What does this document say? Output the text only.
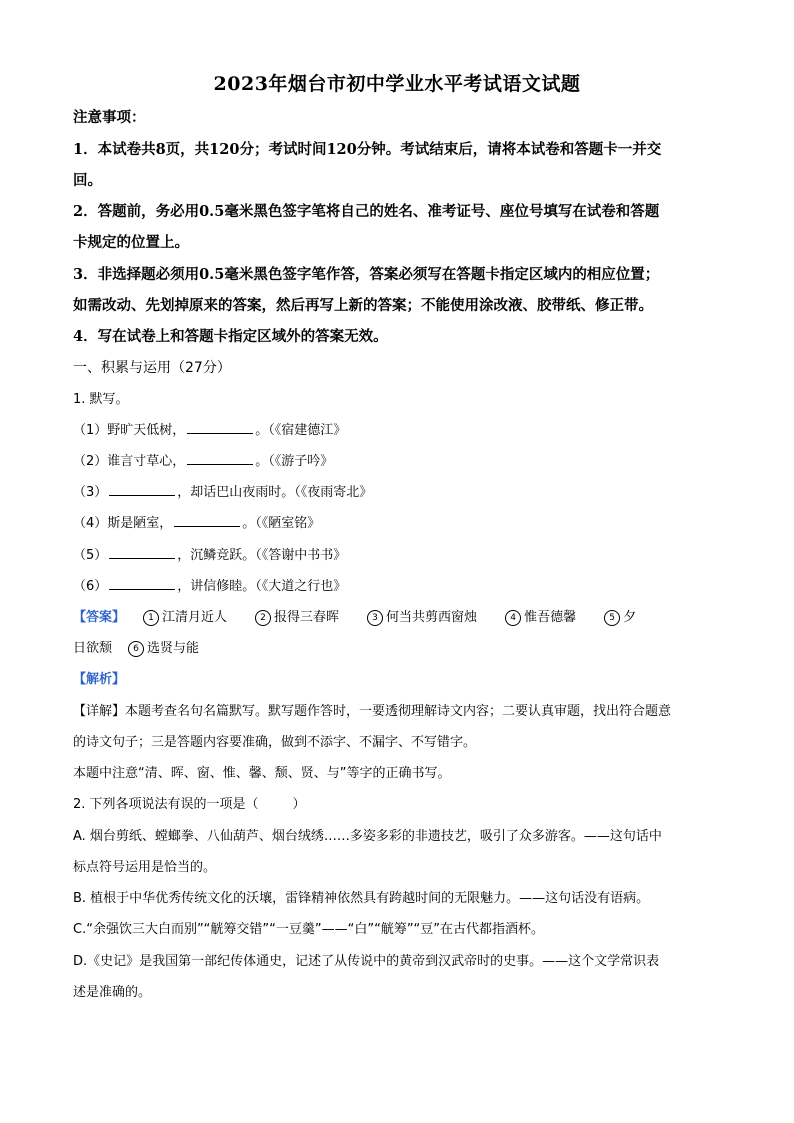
2023年烟台市初中学业水平考试语文试题
注意事项：
1．本试卷共8页，共120分；考试时间120分钟。考试结束后，请将本试卷和答题卡一并交
回。
2．答题前，务必用0.5毫米黑色签字笔将自己的姓名、准考证号、座位号填写在试卷和答题
卡规定的位置上。
3．非选择题必须用0.5毫米黑色签字笔作答，答案必须写在答题卡指定区域内的相应位置；
如需改动、先划掉原来的答案，然后再写上新的答案；不能使用涂改液、胶带纸、修正带。
4．写在试卷上和答题卡指定区域外的答案无效。
一、积累与运用（27分）
1. 默写。
（1）野旷天低树，	。（《宿建德江》
（2）谁言寸草心，	。（《游子吟》
（3）	，却话巴山夜雨时。（《夜雨寄北》
（4）斯是陋室，	。（《陋室铭》
（5）	，沉鳞竞跃。（《答谢中书书》
（6）	，讲信修睦。（《大道之行也》
【答案】	1 江清月近人	2 报得三春晖	3 何当共剪西窗烛	4 惟吾德馨	5 夕
日欲颓 6 选贤与能
【解析】
【详解】本题考查名句名篇默写。默写题作答时，一要透彻理解诗文内容；二要认真审题，找出符合题意
的诗文句子；三是答题内容要准确，做到不添字、不漏字、不写错字。
本题中注意“清、晖、窗、惟、馨、颓、贤、与”等字的正确书写。
2. 下列各项说法有误的一项是（	）
A. 烟台剪纸、螳螂拳、八仙葫芦、烟台绒绣……多姿多彩的非遗技艺，吸引了众多游客。——这句话中
标点符号运用是恰当的。
B. 植根于中华优秀传统文化的沃壤，雷锋精神依然具有跨越时间的无限魅力。——这句话没有语病。
C.“余强饮三大白而别”“觥筹交错”“一豆羹”——“白”“觥筹”“豆”在古代都指酒杯。
D.《史记》是我国第一部纪传体通史，记述了从传说中的黄帝到汉武帝时的史事。——这个文学常识表
述是准确的。
